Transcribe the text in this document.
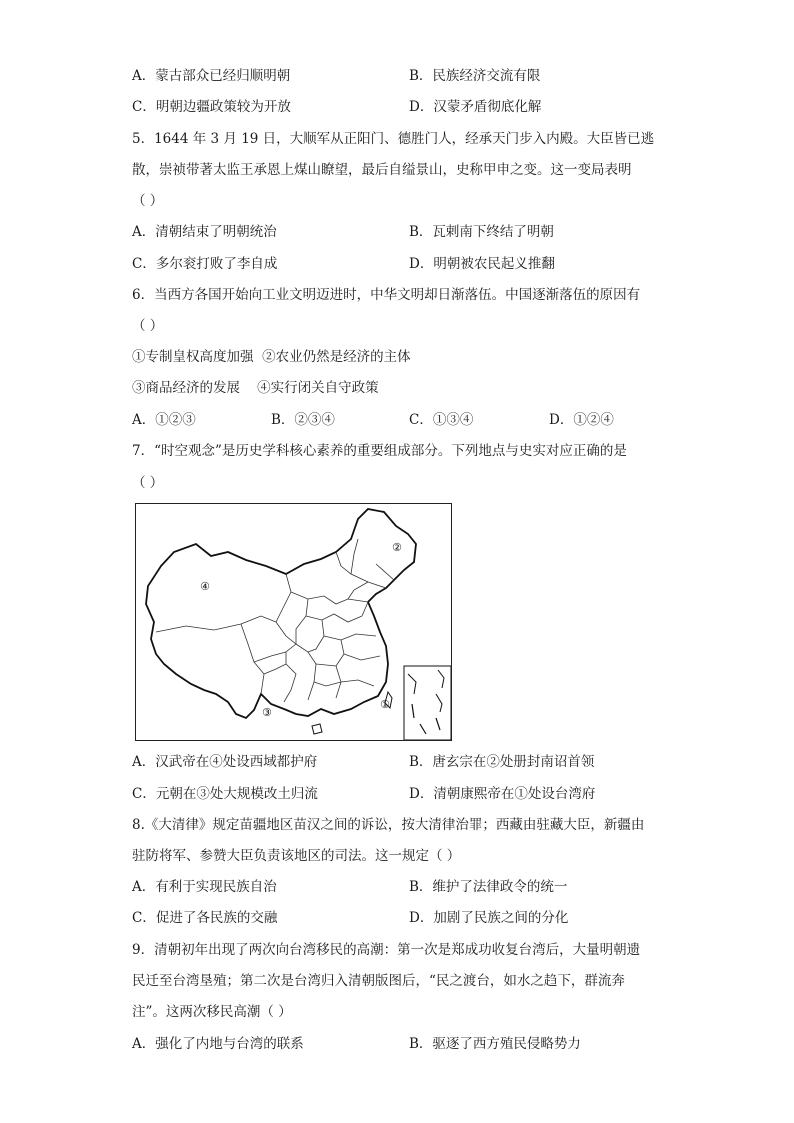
A．蒙古部众已经归顺明朝	B．民族经济交流有限
C．明朝边疆政策较为开放	D．汉蒙矛盾彻底化解
5．1644 年 3 月 19 日，大顺军从正阳门、德胜门人，经承天门步入内殿。大臣皆已逃
散，崇祯带著太监王承恩上煤山瞭望，最后自缢景山，史称甲申之变。这一变局表明
（ ）
A．清朝结束了明朝统治	B．瓦剌南下终结了明朝
C．多尔衮打败了李自成	D．明朝被农民起义推翻
6．当西方各国开始向工业文明迈进时，中华文明却日渐落伍。中国逐渐落伍的原因有
（ ）
①专制皇权高度加强  ②农业仍然是经济的主体
③商品经济的发展    ④实行闭关自守政策
A．①②③	B．②③④	C．①③④	D．①②④
7．“时空观念”是历史学科核心素养的重要组成部分。下列地点与史实对应正确的是
（ ）
④
②
③
①
A．汉武帝在④处设西域都护府	B．唐玄宗在②处册封南诏首领
C．元朝在③处大规模改土归流	D．清朝康熙帝在①处设台湾府
8.《大清律》规定苗疆地区苗汉之间的诉讼，按大清律治罪；西藏由驻藏大臣，新疆由
驻防将军、参赞大臣负责该地区的司法。这一规定（ ）
A．有利于实现民族自治	B．维护了法律政令的统一
C．促进了各民族的交融	D．加剧了民族之间的分化
9．清朝初年出现了两次向台湾移民的高潮：第一次是郑成功收复台湾后，大量明朝遗
民迁至台湾垦殖；第二次是台湾归入清朝版图后，“民之渡台，如水之趋下，群流奔
注”。这两次移民高潮（ ）
A．强化了内地与台湾的联系	B．驱逐了西方殖民侵略势力
